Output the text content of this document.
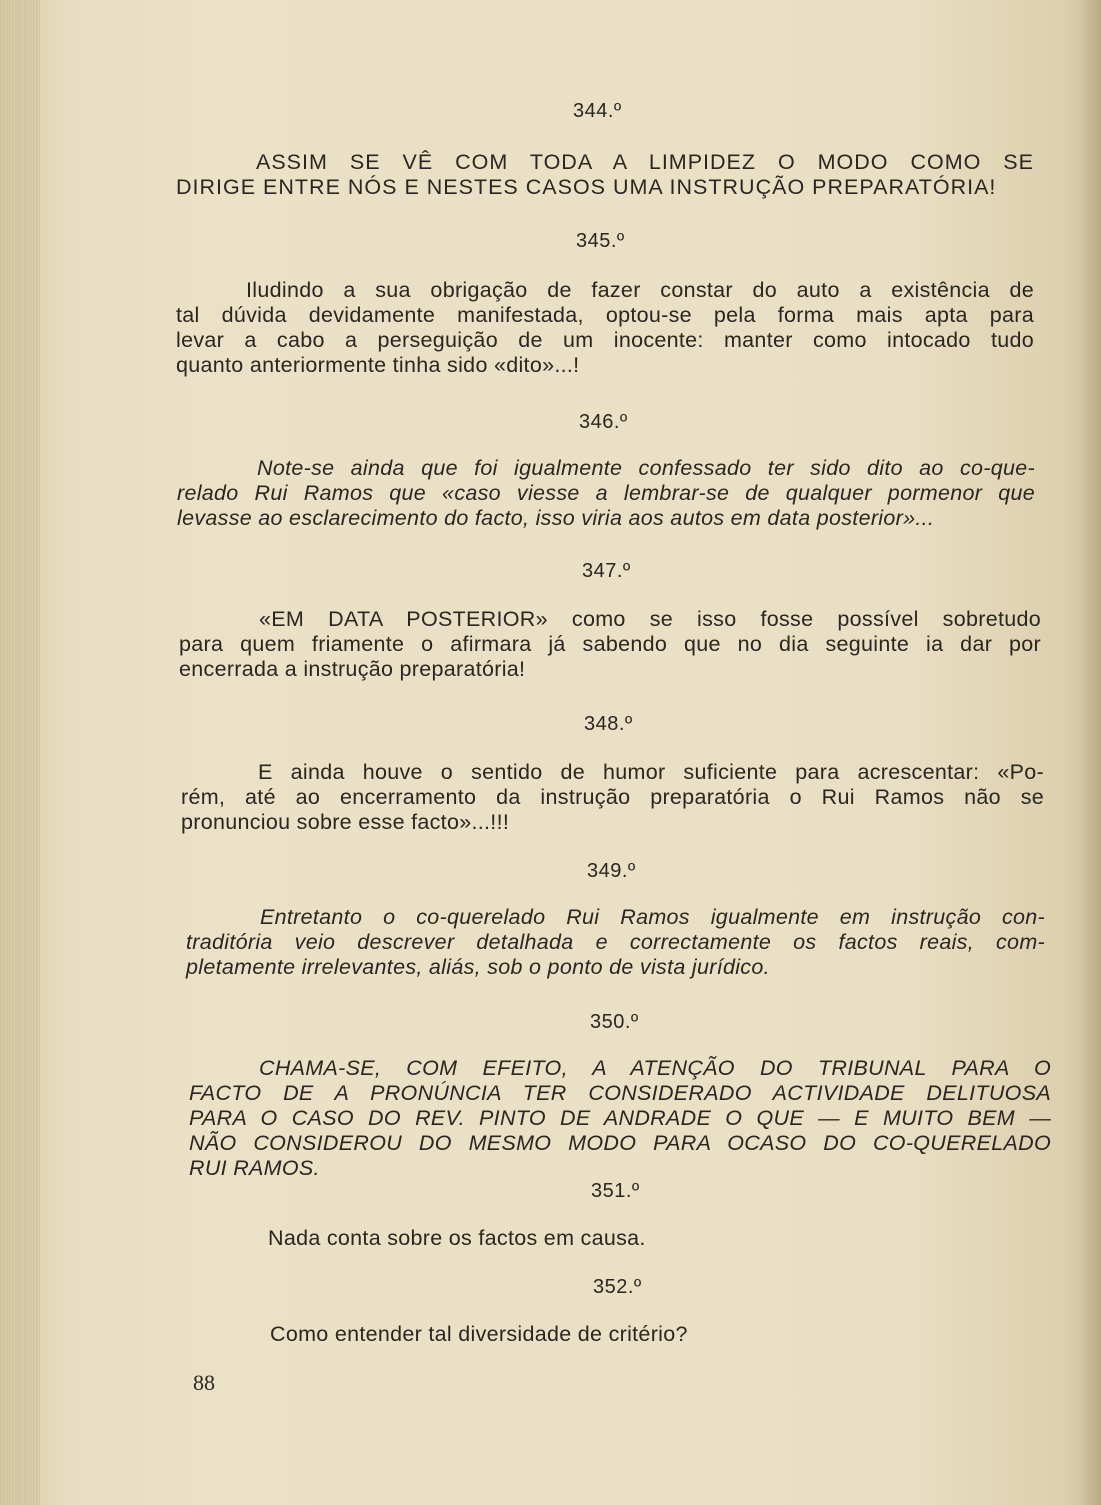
344.º
ASSIM SE VÊ COM TODA A LIMPIDEZ O MODO COMO SE
DIRIGE ENTRE NÓS E NESTES CASOS UMA INSTRUÇÃO PREPARATÓRIA!
345.º
Iludindo a sua obrigação de fazer constar do auto a existência de
tal dúvida devidamente manifestada, optou-se pela forma mais apta para
levar a cabo a perseguição de um inocente: manter como intocado tudo
quanto anteriormente tinha sido «dito»...!
346.º
Note-se ainda que foi igualmente confessado ter sido dito ao co-que-
relado Rui Ramos que «caso viesse a lembrar-se de qualquer pormenor que
levasse ao esclarecimento do facto, isso viria aos autos em data posterior»...
347.º
«EM DATA POSTERIOR» como se isso fosse possível sobretudo
para quem friamente o afirmara já sabendo que no dia seguinte ia dar por
encerrada a instrução preparatória!
348.º
E ainda houve o sentido de humor suficiente para acrescentar: «Po-
rém, até ao encerramento da instrução preparatória o Rui Ramos não se
pronunciou sobre esse facto»...!!!
349.º
Entretanto o co-querelado Rui Ramos igualmente em instrução con-
traditória veio descrever detalhada e correctamente os factos reais, com-
pletamente irrelevantes, aliás, sob o ponto de vista jurídico.
350.º
CHAMA-SE, COM EFEITO, A ATENÇÃO DO TRIBUNAL PARA O
FACTO DE A PRONÚNCIA TER CONSIDERADO ACTIVIDADE DELITUOSA
PARA O CASO DO REV. PINTO DE ANDRADE O QUE — E MUITO BEM —
NÃO CONSIDEROU DO MESMO MODO PARA OCASO DO CO-QUERELADO
RUI RAMOS.
351.º
Nada conta sobre os factos em causa.
352.º
Como entender tal diversidade de critério?
88
